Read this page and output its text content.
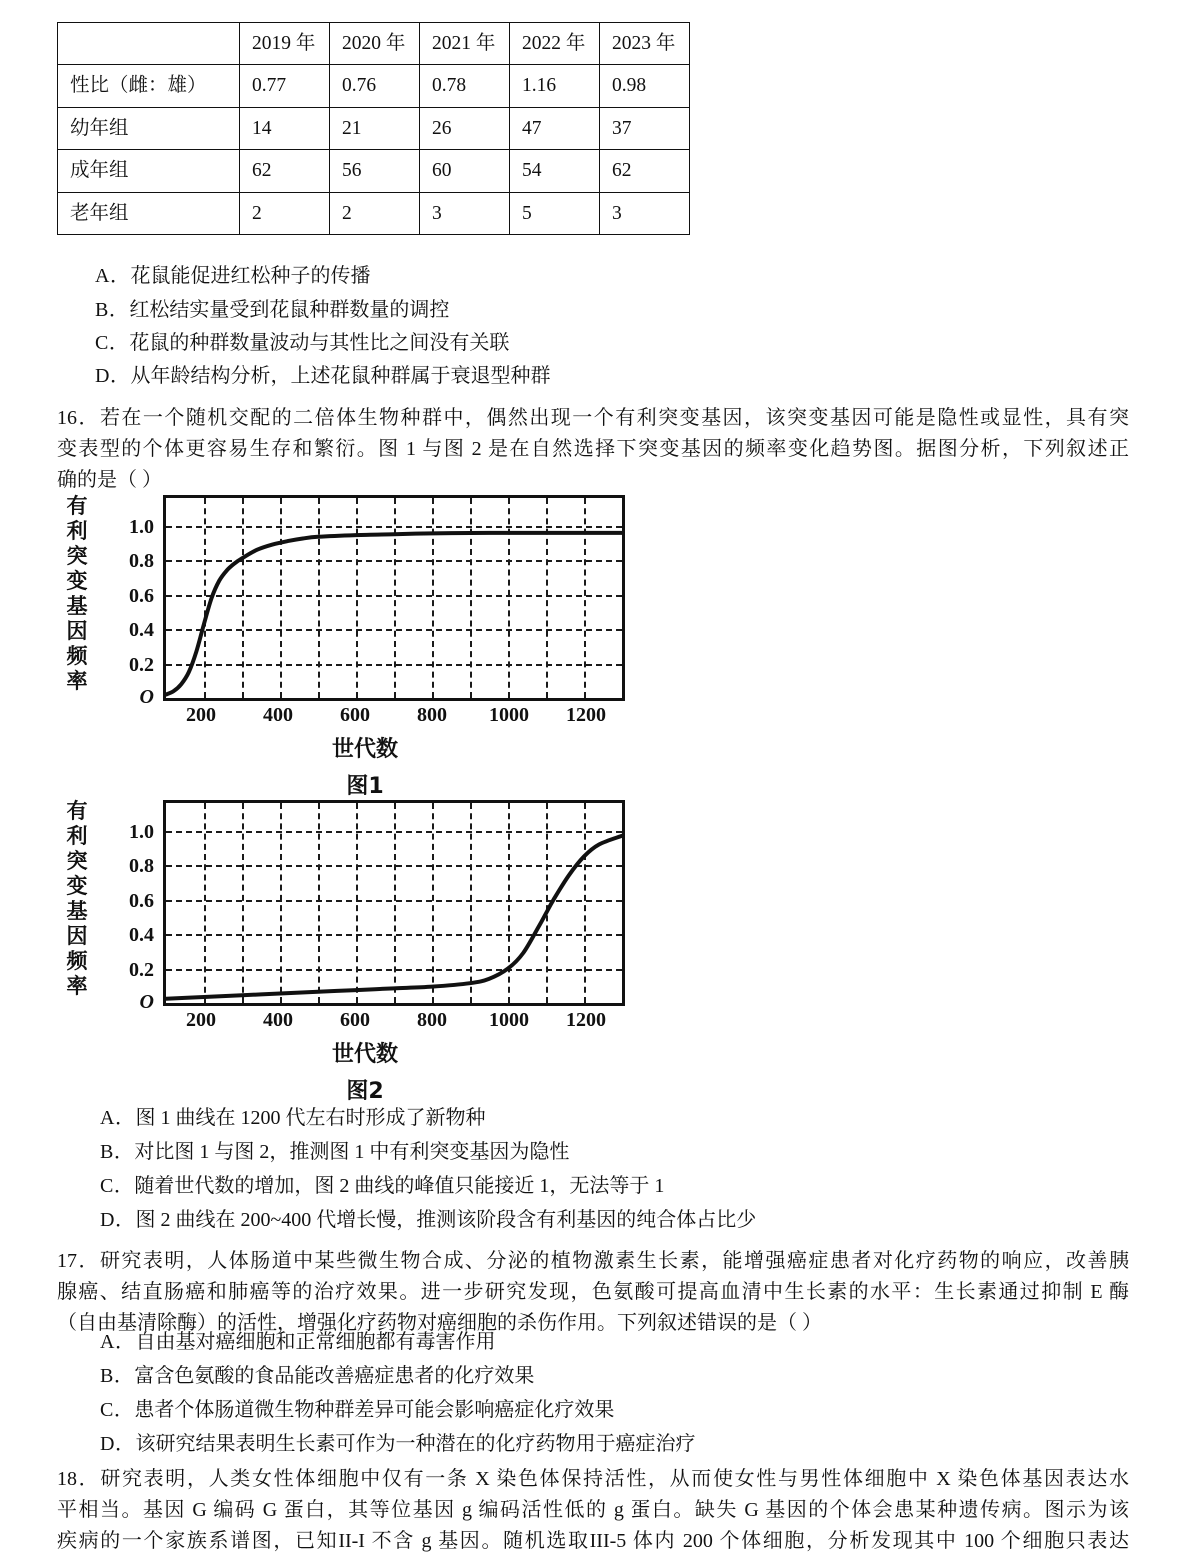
	2019 年	2020 年	2021 年	2022 年	2023 年
性比（雌：雄）	0.77	0.76	0.78	1.16	0.98
幼年组	14	21	26	47	37
成年组	62	56	60	54	62
老年组	2	2	3	5	3
A．花鼠能促进红松种子的传播
B．红松结实量受到花鼠种群数量的调控
C．花鼠的种群数量波动与其性比之间没有关联
D．从年龄结构分析，上述花鼠种群属于衰退型种群
16．若在一个随机交配的二倍体生物种群中，偶然出现一个有利突变基因，该突变基因可能是隐性或显性，具有突
变表型的个体更容易生存和繁衍。图 1 与图 2 是在自然选择下突变基因的频率变化趋势图。据图分析，下列叙述正
确的是（ ）
有
利
突
变
基
因
频
率
1.0
0.8
0.6
0.4
0.2
O
200	400	600	800	1000	1200
世代数
图1
有
利
突
变
基
因
频
率
1.0
0.8
0.6
0.4
0.2
O
200	400	600	800	1000	1200
世代数
图2
A．图 1 曲线在 1200 代左右时形成了新物种
B．对比图 1 与图 2，推测图 1 中有利突变基因为隐性
C．随着世代数的增加，图 2 曲线的峰值只能接近 1，无法等于 1
D．图 2 曲线在 200~400 代增长慢，推测该阶段含有利基因的纯合体占比少
17．研究表明，人体肠道中某些微生物合成、分泌的植物激素生长素，能增强癌症患者对化疗药物的响应，改善胰
腺癌、结直肠癌和肺癌等的治疗效果。进一步研究发现，色氨酸可提高血清中生长素的水平：生长素通过抑制 E 酶
（自由基清除酶）的活性，增强化疗药物对癌细胞的杀伤作用。下列叙述错误的是（ ）
A．自由基对癌细胞和正常细胞都有毒害作用
B．富含色氨酸的食品能改善癌症患者的化疗效果
C．患者个体肠道微生物种群差异可能会影响癌症化疗效果
D．该研究结果表明生长素可作为一种潜在的化疗药物用于癌症治疗
18．研究表明，人类女性体细胞中仅有一条 X 染色体保持活性，从而使女性与男性体细胞中 X 染色体基因表达水
平相当。基因 G 编码 G 蛋白，其等位基因 g 编码活性低的 g 蛋白。缺失 G 基因的个体会患某种遗传病。图示为该
疾病的一个家族系谱图，已知II-I 不含 g 基因。随机选取III-5 体内 200 个体细胞，分析发现其中 100 个细胞只表达
